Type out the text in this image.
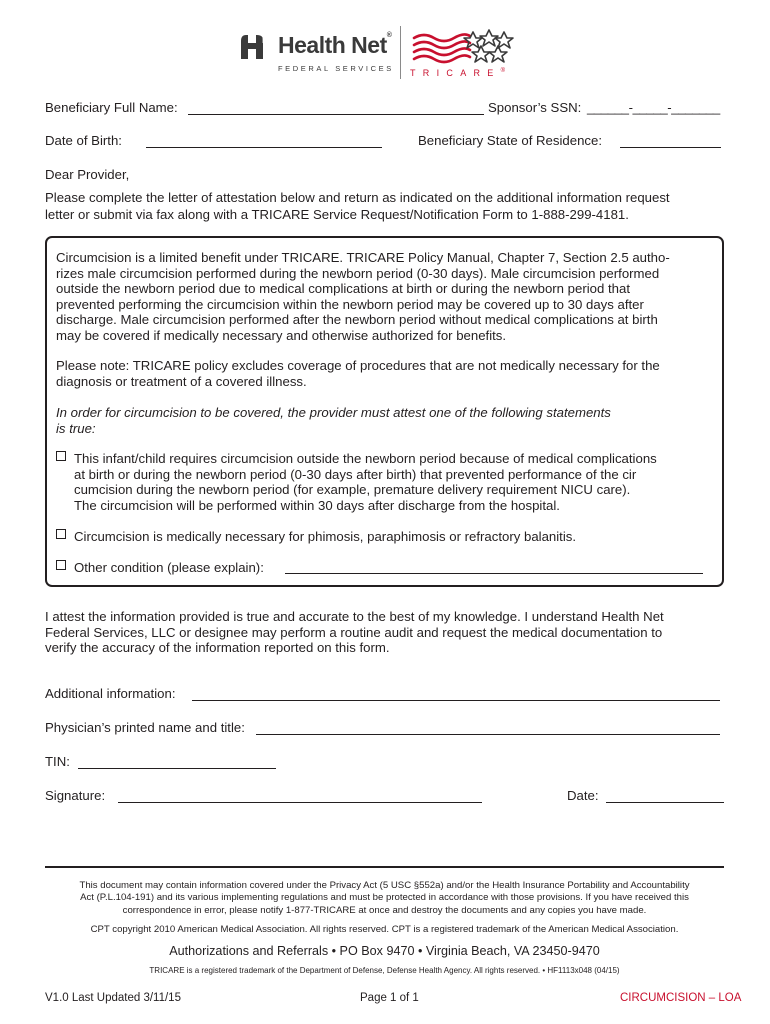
n Health Net®
FEDERAL SERVICES TRICARE®
Beneficiary Full Name:	Sponsor’s SSN: ______-_____-_______
Date of Birth:	Beneficiary State of Residence:
Dear Provider,
Please complete the letter of attestation below and return as indicated on the additional information request
letter or submit via fax along with a TRICARE Service Request/Notification Form to 1-888-299-4181.
Circumcision is a limited benefit under TRICARE. TRICARE Policy Manual, Chapter 7, Section 2.5 autho-
rizes male circumcision performed during the newborn period (0-30 days). Male circumcision performed
outside the newborn period due to medical complications at birth or during the newborn period that
prevented performing the circumcision within the newborn period may be covered up to 30 days after
discharge. Male circumcision performed after the newborn period without medical complications at birth
may be covered if medically necessary and otherwise authorized for benefits.
Please note: TRICARE policy excludes coverage of procedures that are not medically necessary for the
diagnosis or treatment of a covered illness.
In order for circumcision to be covered, the provider must attest one of the following statements
is true:
This infant/child requires circumcision outside the newborn period because of medical complications
at birth or during the newborn period (0-30 days after birth) that prevented performance of the cir
cumcision during the newborn period (for example, premature delivery requirement NICU care).
The circumcision will be performed within 30 days after discharge from the hospital.
Circumcision is medically necessary for phimosis, paraphimosis or refractory balanitis.
Other condition (please explain):
I attest the information provided is true and accurate to the best of my knowledge. I understand Health Net
Federal Services, LLC or designee may perform a routine audit and request the medical documentation to
verify the accuracy of the information reported on this form.
Additional information:
Physician’s printed name and title:
TIN:
Signature:	Date:
This document may contain information covered under the Privacy Act (5 USC §552a) and/or the Health Insurance Portability and Accountability
Act (P.L.104-191) and its various implementing regulations and must be protected in accordance with those provisions. If you have received this
correspondence in error, please notify 1-877-TRICARE at once and destroy the documents and any copies you have made.
CPT copyright 2010 American Medical Association. All rights reserved. CPT is a registered trademark of the American Medical Association.
Authorizations and Referrals • PO Box 9470 • Virginia Beach, VA 23450-9470
TRICARE is a registered trademark of the Department of Defense, Defense Health Agency. All rights reserved. • HF1113x048 (04/15)
V1.0 Last Updated 3/11/15	Page 1 of 1	CIRCUMCISION – LOA
